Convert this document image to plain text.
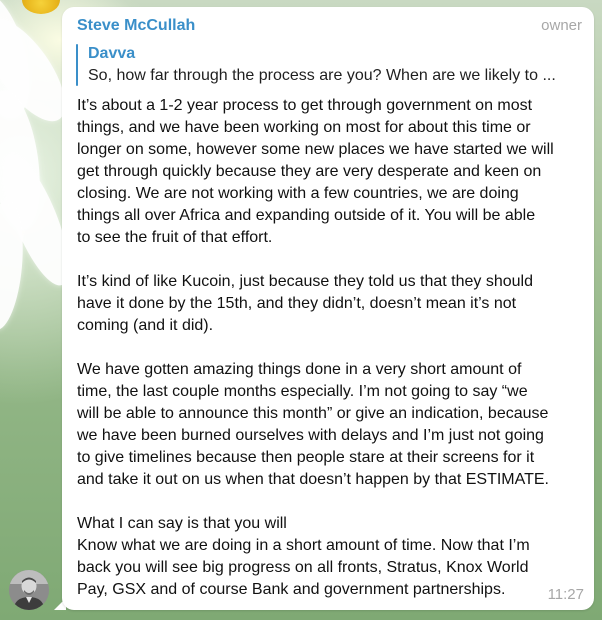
Steve McCullah	owner
Davva
So, how far through the process are you? When are we likely to ...

It’s about a 1-2 year process to get through government on most
things, and we have been working on most for about this time or
longer on some, however some new places we have started we will
get through quickly because they are very desperate and keen on
closing. We are not working with a few countries, we are doing
things all over Africa and expanding outside of it. You will be able
to see the fruit of that effort.

It’s kind of like Kucoin, just because they told us that they should
have it done by the 15th, and they didn’t, doesn’t mean it’s not
coming (and it did).

We have gotten amazing things done in a very short amount of
time, the last couple months especially. I’m not going to say “we
will be able to announce this month” or give an indication, because
we have been burned ourselves with delays and I’m just not going
to give timelines because then people stare at their screens for it
and take it out on us when that doesn’t happen by that ESTIMATE.

What I can say is that you will
Know what we are doing in a short amount of time. Now that I’m
back you will see big progress on all fronts, Stratus, Knox World
Pay, GSX and of course Bank and government partnerships.	11:27
